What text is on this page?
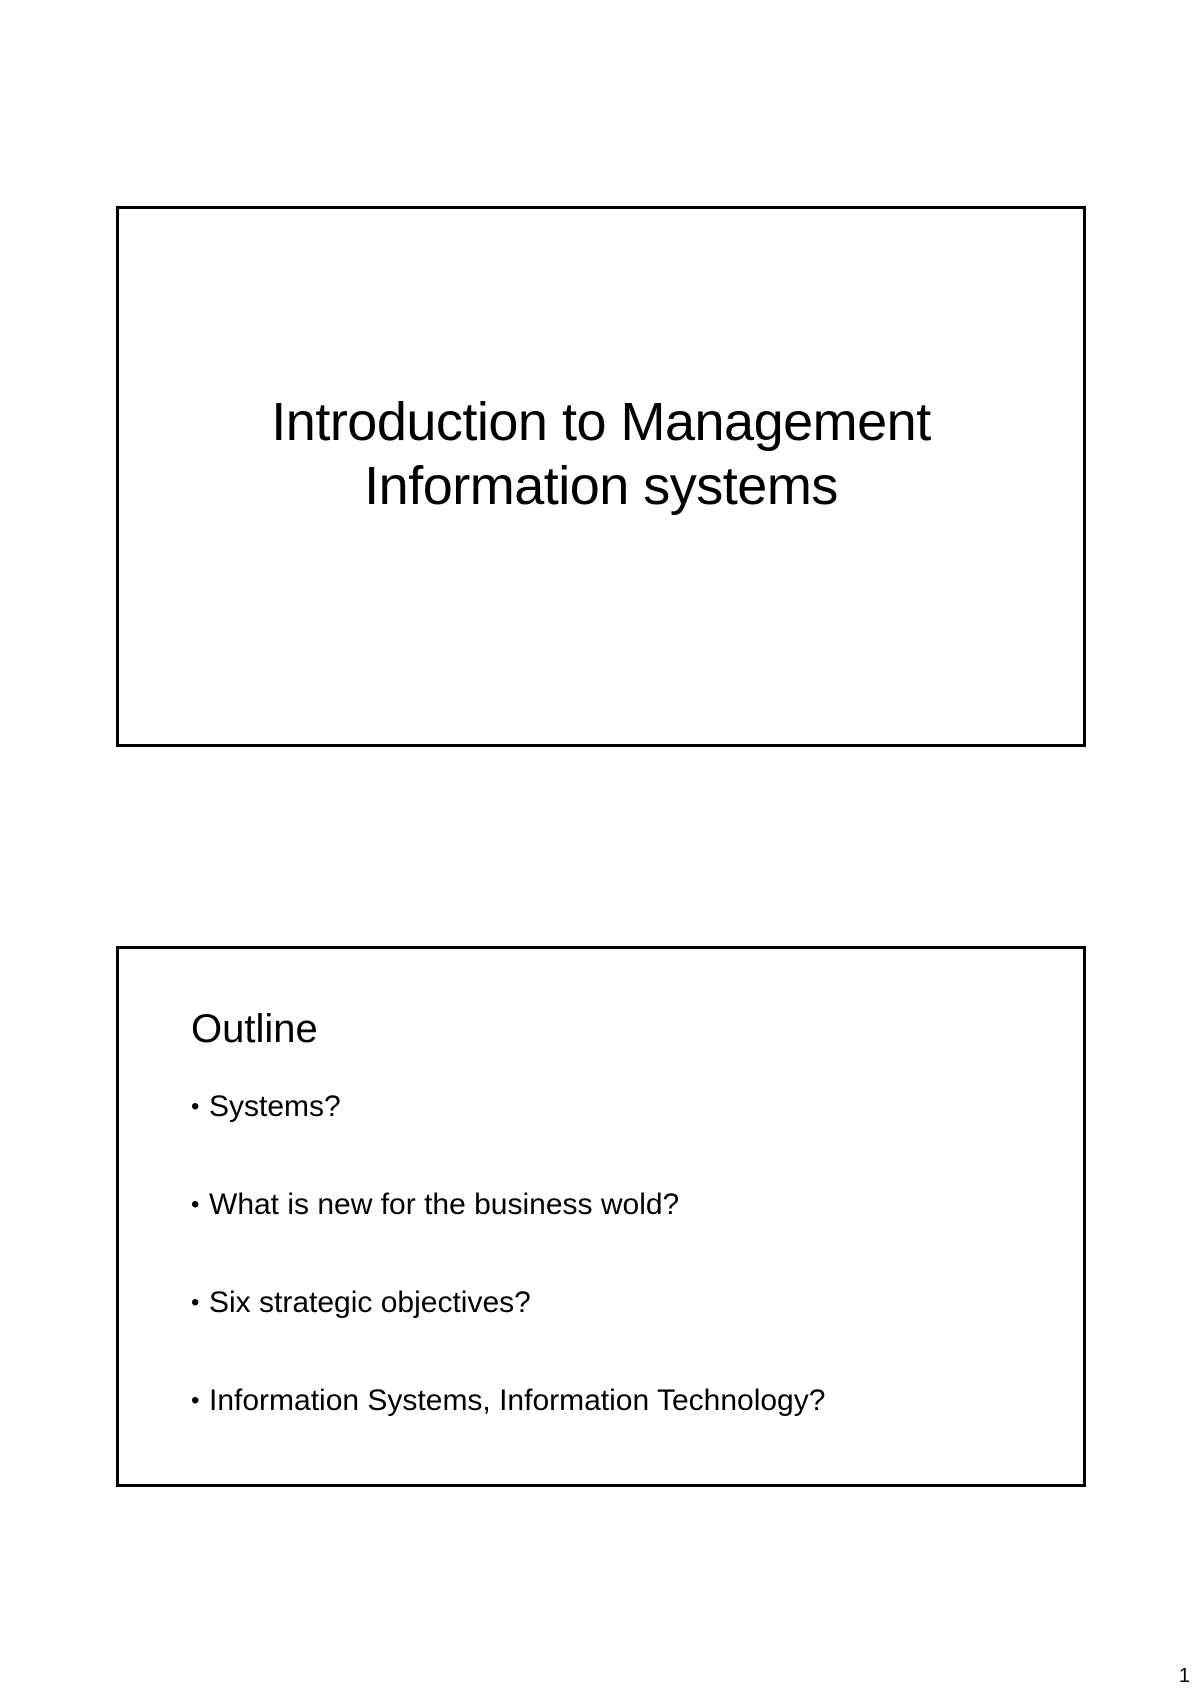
Introduction to Management
Information systems
Outline
• Systems?
• What is new for the business wold?
• Six strategic objectives?
• Information Systems, Information Technology?
1
